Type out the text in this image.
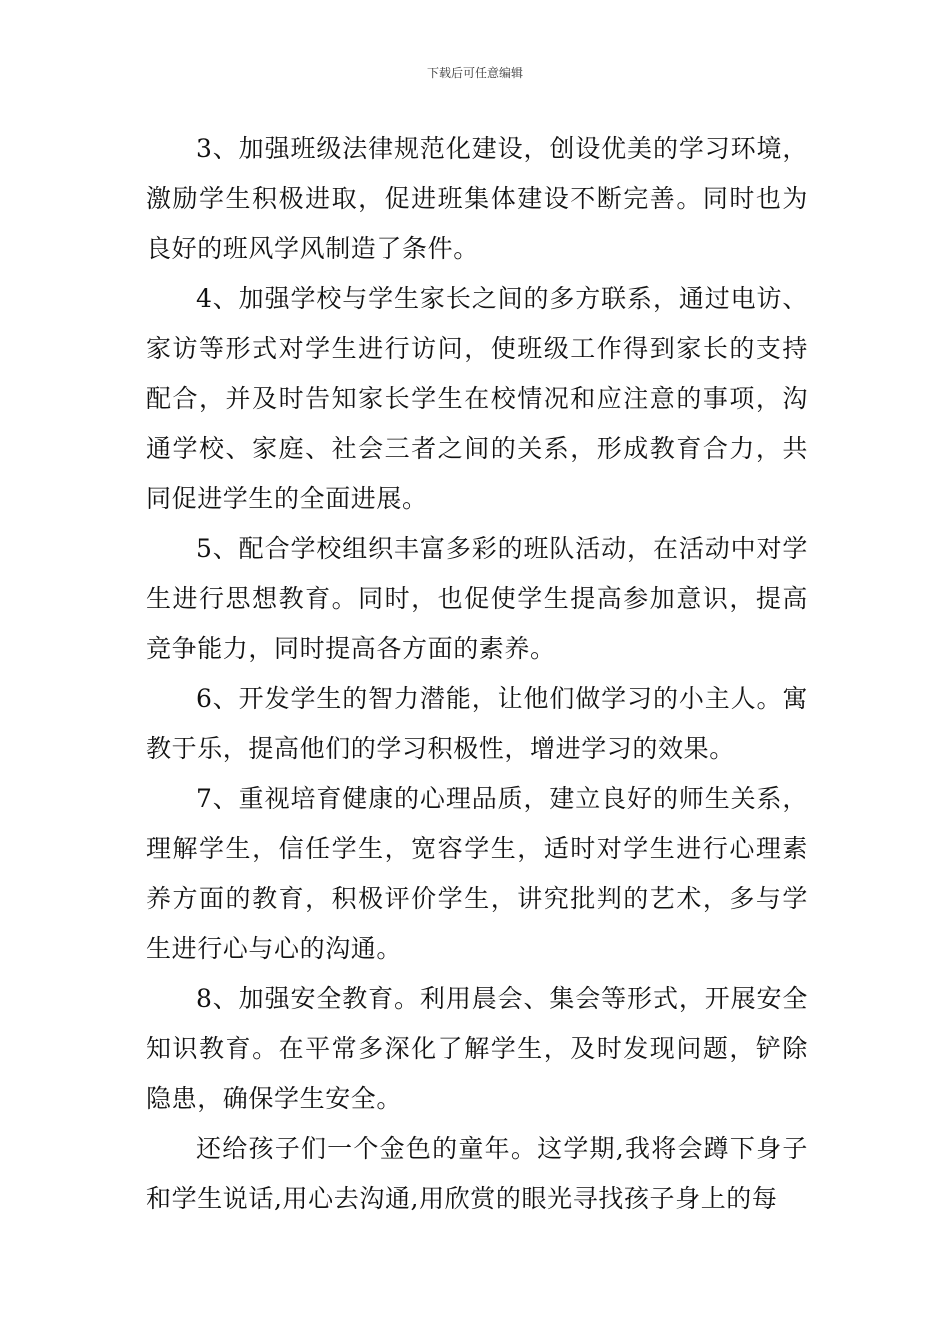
下载后可任意编辑

3、加强班级法律规范化建设，创设优美的学习环境，激励学生积极进取，促进班集体建设不断完善。同时也为良好的班风学风制造了条件。

4、加强学校与学生家长之间的多方联系，通过电访、家访等形式对学生进行访问，使班级工作得到家长的支持配合，并及时告知家长学生在校情况和应注意的事项，沟通学校、家庭、社会三者之间的关系，形成教育合力，共同促进学生的全面进展。

5、配合学校组织丰富多彩的班队活动，在活动中对学生进行思想教育。同时，也促使学生提高参加意识，提高竞争能力，同时提高各方面的素养。

6、开发学生的智力潜能，让他们做学习的小主人。寓教于乐，提高他们的学习积极性，增进学习的效果。

7、重视培育健康的心理品质，建立良好的师生关系，理解学生，信任学生，宽容学生，适时对学生进行心理素养方面的教育，积极评价学生，讲究批判的艺术，多与学生进行心与心的沟通。

8、加强安全教育。利用晨会、集会等形式，开展安全知识教育。在平常多深化了解学生，及时发现问题，铲除隐患，确保学生安全。

还给孩子们一个金色的童年。这学期,我将会蹲下身子和学生说话,用心去沟通,用欣赏的眼光寻找孩子身上的每
